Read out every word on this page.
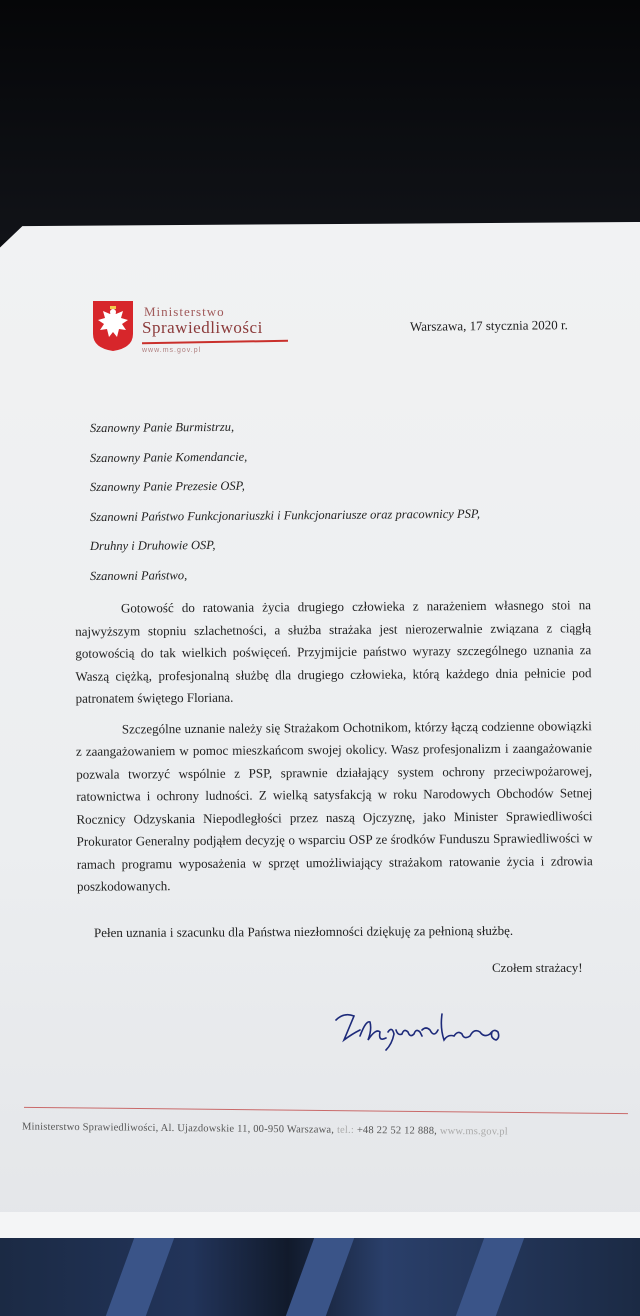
Ministerstwo
Sprawiedliwości
www.ms.gov.pl
Warszawa, 17 stycznia 2020 r.
Szanowny Panie Burmistrzu,
Szanowny Panie Komendancie,
Szanowny Panie Prezesie OSP,
Szanowni Państwo Funkcjonariuszki i Funkcjonariusze oraz pracownicy PSP,
Druhny i Druhowie OSP,
Szanowni Państwo,

Gotowość do ratowania życia drugiego człowieka z narażeniem własnego stoi na najwyższym stopniu szlachetności, a służba strażaka jest nierozerwalnie związana z ciągłą gotowością do tak wielkich poświęceń. Przyjmijcie państwo wyrazy szczególnego uznania za Waszą ciężką, profesjonalną służbę dla drugiego człowieka, którą każdego dnia pełnicie pod patronatem świętego Floriana.

Szczególne uznanie należy się Strażakom Ochotnikom, którzy łączą codzienne obowiązki z zaangażowaniem w pomoc mieszkańcom swojej okolicy. Wasz profesjonalizm i zaangażowanie pozwala tworzyć wspólnie z PSP, sprawnie działający system ochrony przeciwpożarowej, ratownictwa i ochrony ludności. Z wielką satysfakcją w roku Narodowych Obchodów Setnej Rocznicy Odzyskania Niepodległości przez naszą Ojczyznę, jako Minister Sprawiedliwości Prokurator Generalny podjąłem decyzję o wsparciu OSP ze środków Funduszu Sprawiedliwości w ramach programu wyposażenia w sprzęt umożliwiający strażakom ratowanie życia i zdrowia poszkodowanych.

Pełen uznania i szacunku dla Państwa niezłomności dziękuję za pełnioną służbę.
Czołem strażacy!
Ministerstwo Sprawiedliwości, Al. Ujazdowskie 11, 00-950 Warszawa, tel.: +48 22 52 12 888, www.ms.gov.pl
